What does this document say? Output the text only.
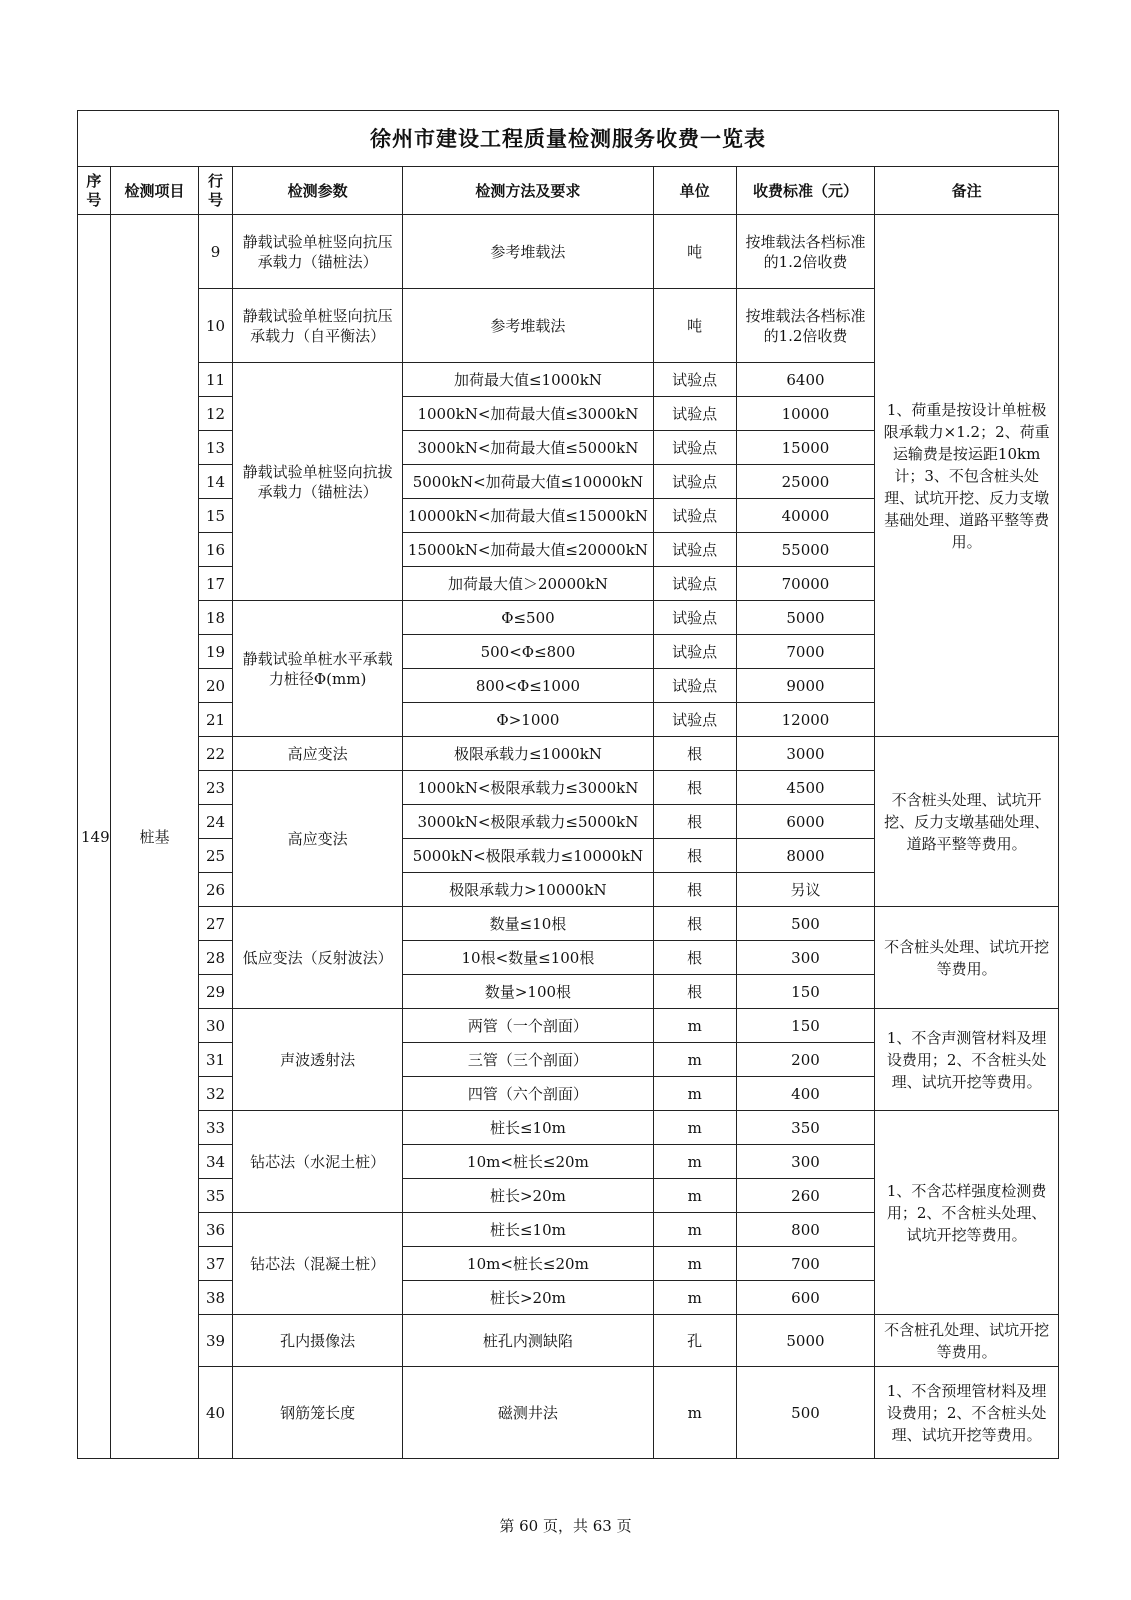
徐州市建设工程质量检测服务收费一览表							
序号	检测项目	行号	检测参数	检测方法及要求	单位	收费标准（元）	备注
149	桩基	9	静载试验单桩竖向抗压承载力（锚桩法）	参考堆载法	吨	按堆载法各档标准的1.2倍收费	1、荷重是按设计单桩极限承载力×1.2；2、荷重运输费是按运距10km计；3、不包含桩头处理、试坑开挖、反力支墩基础处理、道路平整等费用。
		10	静载试验单桩竖向抗压承载力（自平衡法）	参考堆载法	吨	按堆载法各档标准的1.2倍收费	
		11	静载试验单桩竖向抗拔承载力（锚桩法）	加荷最大值≤1000kN	试验点	6400	
		12		1000kN<加荷最大值≤3000kN	试验点	10000	
		13		3000kN<加荷最大值≤5000kN	试验点	15000	
		14		5000kN<加荷最大值≤10000kN	试验点	25000	
		15		10000kN<加荷最大值≤15000kN	试验点	40000	
		16		15000kN<加荷最大值≤20000kN	试验点	55000	
		17		加荷最大值＞20000kN	试验点	70000	
		18	静载试验单桩水平承载力桩径Φ(mm)	Φ≤500	试验点	5000	
		19		500<Φ≤800	试验点	7000	
		20		800<Φ≤1000	试验点	9000	
		21		Φ>1000	试验点	12000	
		22	高应变法	极限承载力≤1000kN	根	3000	不含桩头处理、试坑开挖、反力支墩基础处理、道路平整等费用。
		23	高应变法	1000kN<极限承载力≤3000kN	根	4500	
		24		3000kN<极限承载力≤5000kN	根	6000	
		25		5000kN<极限承载力≤10000kN	根	8000	
		26		极限承载力>10000kN	根	另议	
		27	低应变法（反射波法）	数量≤10根	根	500	不含桩头处理、试坑开挖等费用。
		28		10根<数量≤100根	根	300	
		29		数量>100根	根	150	
		30	声波透射法	两管（一个剖面）	m	150	1、不含声测管材料及埋设费用；2、不含桩头处理、试坑开挖等费用。
		31		三管（三个剖面）	m	200	
		32		四管（六个剖面）	m	400	
		33	钻芯法（水泥土桩）	桩长≤10m	m	350	1、不含芯样强度检测费用；2、不含桩头处理、试坑开挖等费用。
		34		10m<桩长≤20m	m	300	
		35		桩长>20m	m	260	
		36	钻芯法（混凝土桩）	桩长≤10m	m	800	
		37		10m<桩长≤20m	m	700	
		38		桩长>20m	m	600	
		39	孔内摄像法	桩孔内测缺陷	孔	5000	不含桩孔处理、试坑开挖等费用。
		40	钢筋笼长度	磁测井法	m	500	1、不含预埋管材料及埋设费用；2、不含桩头处理、试坑开挖等费用。
第 60 页，共 63 页
